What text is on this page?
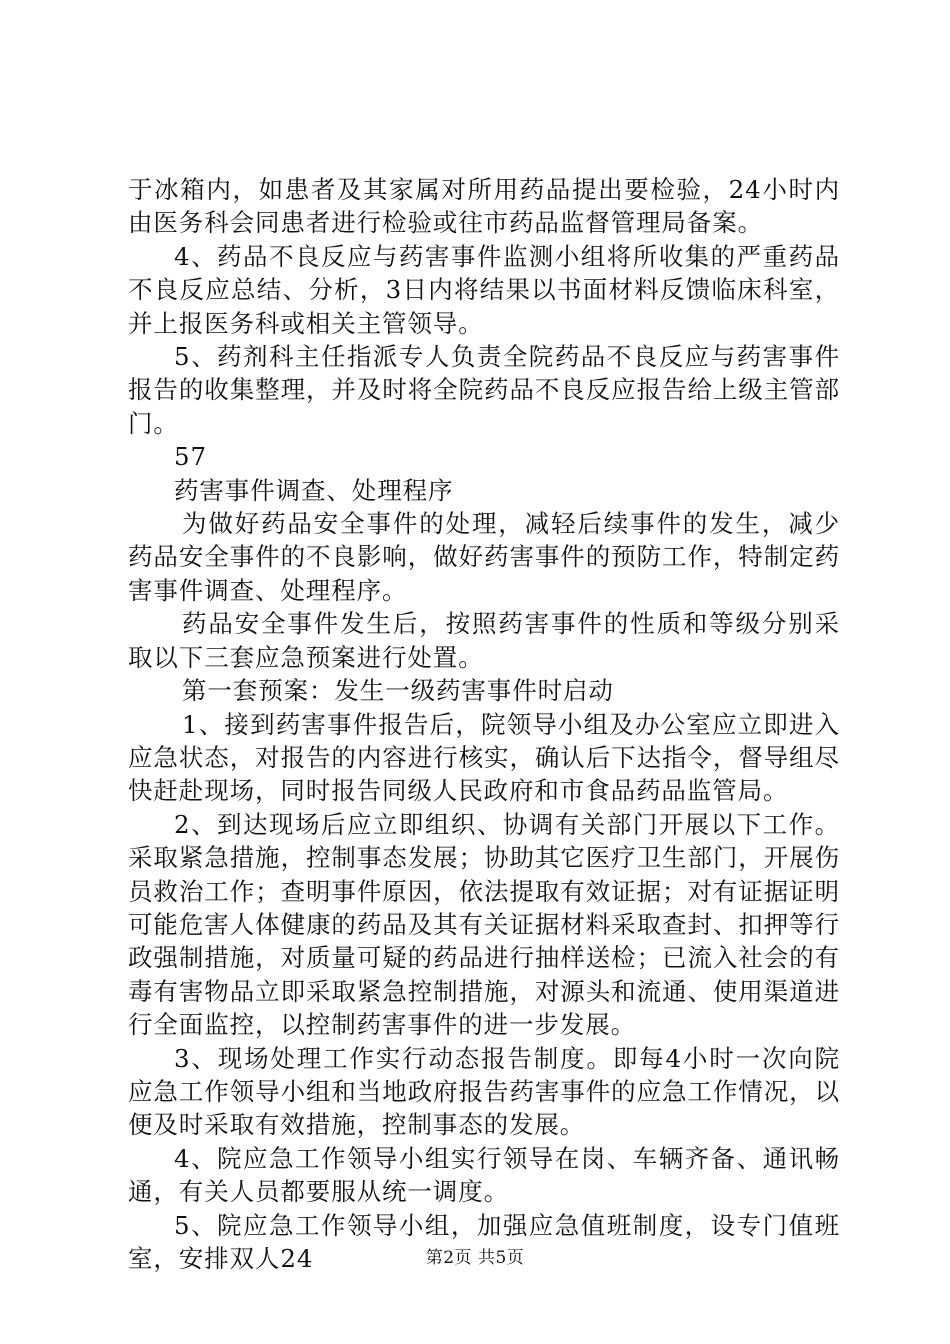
于冰箱内，如患者及其家属对所用药品提出要检验，24小时内由医务科会同患者进行检验或往市药品监督管理局备案。

4、药品不良反应与药害事件监测小组将所收集的严重药品不良反应总结、分析，3日内将结果以书面材料反馈临床科室，并上报医务科或相关主管领导。

5、药剂科主任指派专人负责全院药品不良反应与药害事件报告的收集整理，并及时将全院药品不良反应报告给上级主管部门。

57

药害事件调查、处理程序

为做好药品安全事件的处理，减轻后续事件的发生，减少药品安全事件的不良影响，做好药害事件的预防工作，特制定药害事件调查、处理程序。

药品安全事件发生后，按照药害事件的性质和等级分别采取以下三套应急预案进行处置。

第一套预案：发生一级药害事件时启动

1、接到药害事件报告后，院领导小组及办公室应立即进入应急状态，对报告的内容进行核实，确认后下达指令，督导组尽快赶赴现场，同时报告同级人民政府和市食品药品监管局。

2、到达现场后应立即组织、协调有关部门开展以下工作。采取紧急措施，控制事态发展；协助其它医疗卫生部门，开展伤员救治工作；查明事件原因，依法提取有效证据；对有证据证明可能危害人体健康的药品及其有关证据材料采取查封、扣押等行政强制措施，对质量可疑的药品进行抽样送检；已流入社会的有毒有害物品立即采取紧急控制措施，对源头和流通、使用渠道进行全面监控，以控制药害事件的进一步发展。

3、现场处理工作实行动态报告制度。即每4小时一次向院应急工作领导小组和当地政府报告药害事件的应急工作情况，以便及时采取有效措施，控制事态的发展。

4、院应急工作领导小组实行领导在岗、车辆齐备、通讯畅通，有关人员都要服从统一调度。

5、院应急工作领导小组，加强应急值班制度，设专门值班室，安排双人24	第2页 共5页
